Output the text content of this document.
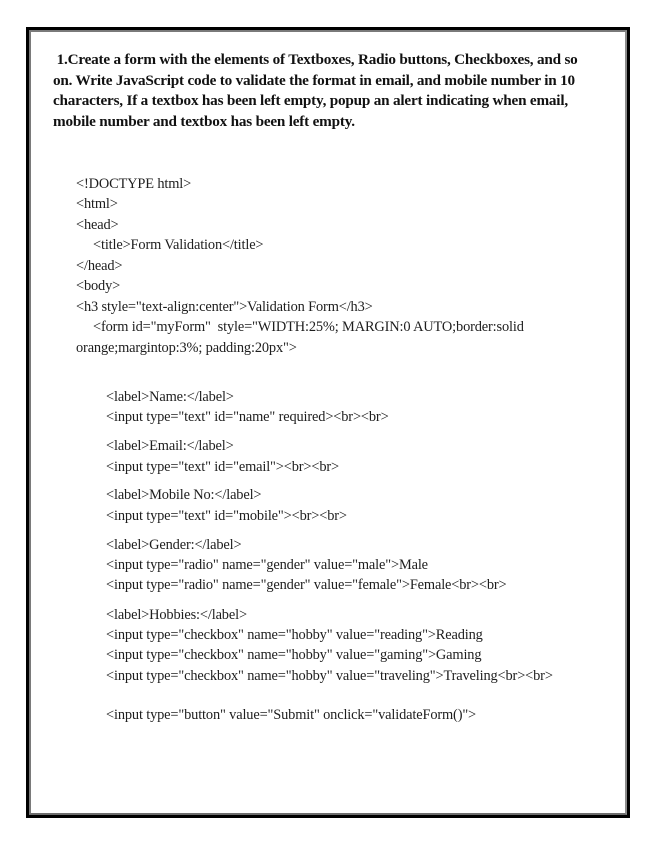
1.Create a form with the elements of Textboxes, Radio buttons, Checkboxes, and so
on. Write JavaScript code to validate the format in email, and mobile number in 10
characters, If a textbox has been left empty, popup an alert indicating when email,
mobile number and textbox has been left empty.
<!DOCTYPE html>
<html>
<head>
<title>Form Validation</title>
</head>
<body>
<h3 style="text-align:center">Validation Form</h3>
<form id="myForm"  style="WIDTH:25%; MARGIN:0 AUTO;border:solid
orange;margintop:3%; padding:20px">
<label>Name:</label>
<input type="text" id="name" required><br><br>
<label>Email:</label>
<input type="text" id="email"><br><br>
<label>Mobile No:</label>
<input type="text" id="mobile"><br><br>
<label>Gender:</label>
<input type="radio" name="gender" value="male">Male
<input type="radio" name="gender" value="female">Female<br><br>
<label>Hobbies:</label>
<input type="checkbox" name="hobby" value="reading">Reading
<input type="checkbox" name="hobby" value="gaming">Gaming
<input type="checkbox" name="hobby" value="traveling">Traveling<br><br>
<input type="button" value="Submit" onclick="validateForm()">
